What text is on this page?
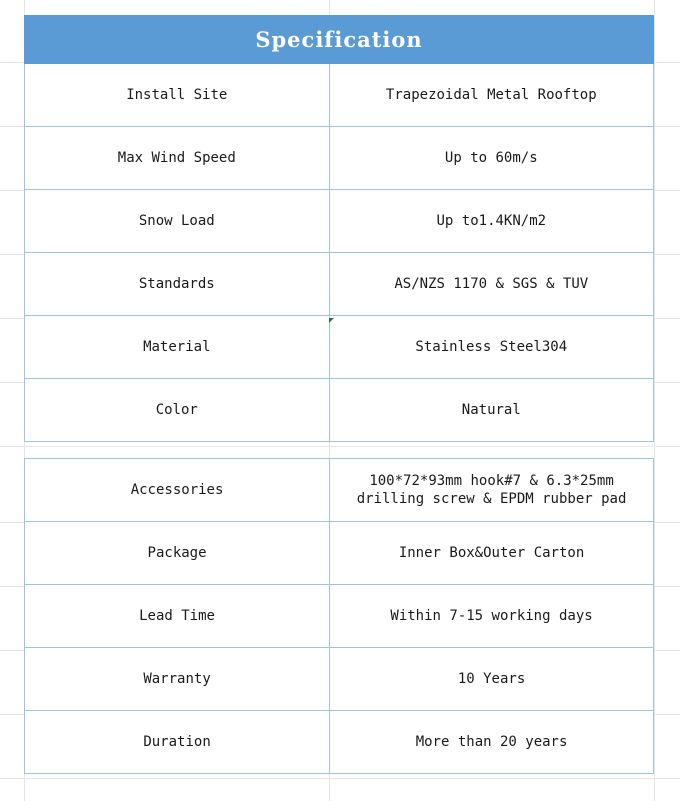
Specification	
Install Site	Trapezoidal Metal Rooftop
Max Wind Speed	Up to 60m/s
Snow Load	Up to1.4KN/m2
Standards	AS/NZS 1170 & SGS & TUV
Material	Stainless Steel304
Color	Natural
Accessories	100*72*93mm hook#7 & 6.3*25mm
drilling screw & EPDM rubber pad

Package	Inner Box&Outer Carton
Lead Time	Within 7-15 working days
Warranty	10 Years
Duration	More than 20 years
